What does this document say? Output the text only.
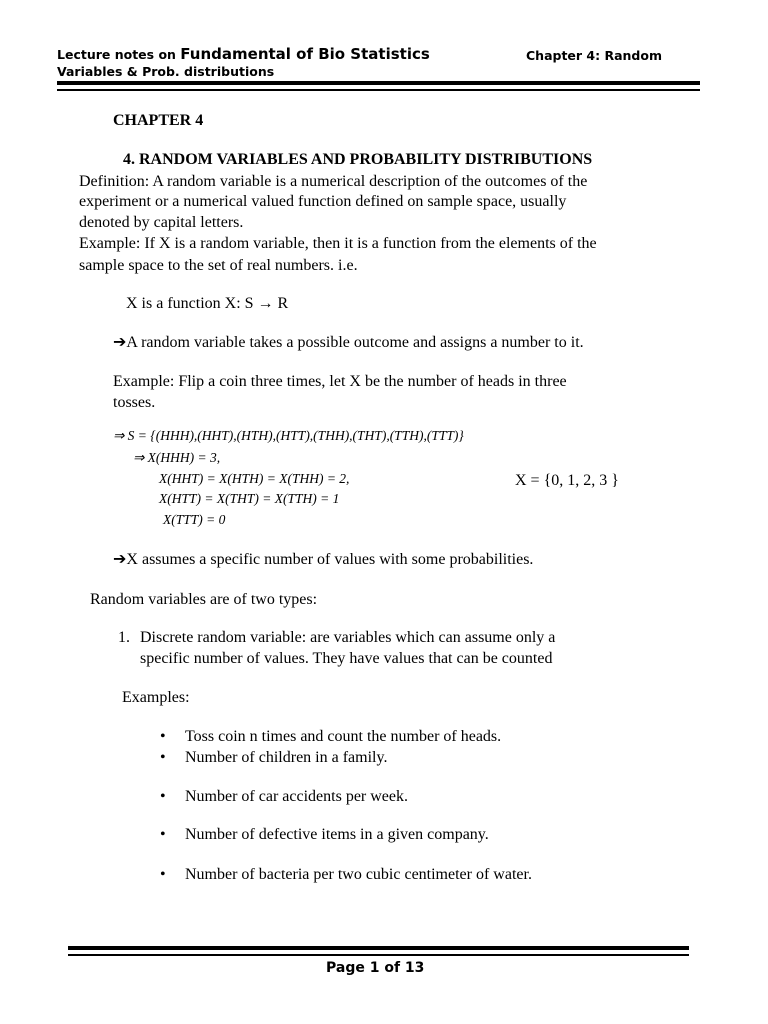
Lecture notes on Fundamental of Bio Statistics	Chapter 4: Random
Variables & Prob. distributions
CHAPTER 4
4. RANDOM VARIABLES AND PROBABILITY DISTRIBUTIONS
Definition: A random variable is a numerical description of the outcomes of the
experiment or a numerical valued function defined on sample space, usually
denoted by capital letters.
Example: If X is a random variable, then it is a function from the elements of the
sample space to the set of real numbers. i.e.
X is a function X: S → R
➔A random variable takes a possible outcome and assigns a number to it.
Example: Flip a coin three times, let X be the number of heads in three
tosses.
⇒ S = {(HHH),(HHT),(HTH),(HTT),(THH),(THT),(TTH),(TTT)}
⇒ X(HHH) = 3,
X(HHT) = X(HTH) = X(THH) = 2,
X(HTT) = X(THT) = X(TTH) = 1
X(TTT) = 0
X = {0, 1, 2, 3 }
➔X assumes a specific number of values with some probabilities.
Random variables are of two types:
1. Discrete random variable: are variables which can assume only a
specific number of values. They have values that can be counted
Examples:
• Toss coin n times and count the number of heads.
• Number of children in a family.
• Number of car accidents per week.
• Number of defective items in a given company.
• Number of bacteria per two cubic centimeter of water.
Page 1 of 13
